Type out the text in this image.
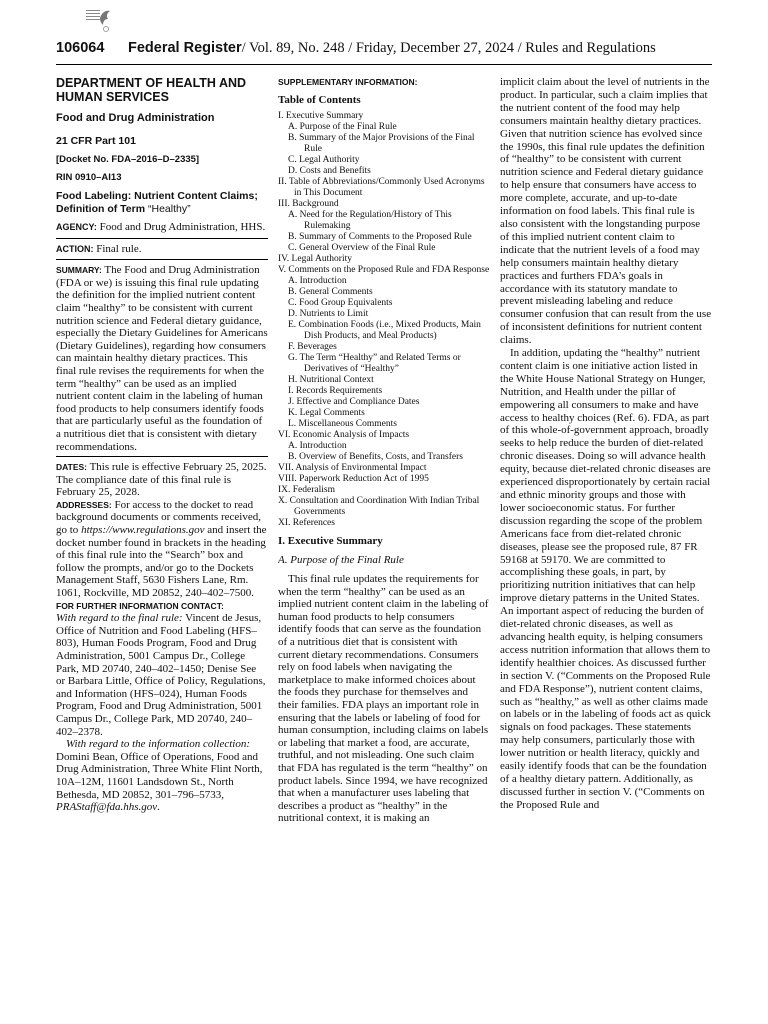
106064 Federal Register/ Vol. 89, No. 248 / Friday, December 27, 2024 / Rules and Regulations

DEPARTMENT OF HEALTH AND HUMAN SERVICES

Food and Drug Administration

21 CFR Part 101

[Docket No. FDA–2016–D–2335]

RIN 0910–AI13

Food Labeling: Nutrient Content Claims; Definition of Term “Healthy”

AGENCY: Food and Drug Administration, HHS.

ACTION: Final rule.

SUMMARY: The Food and Drug Administration (FDA or we) is issuing this final rule updating the definition for the implied nutrient content claim “healthy” to be consistent with current nutrition science and Federal dietary guidance, especially the Dietary Guidelines for Americans (Dietary Guidelines), regarding how consumers can maintain healthy dietary practices. This final rule revises the requirements for when the term “healthy” can be used as an implied nutrient content claim in the labeling of human food products to help consumers identify foods that are particularly useful as the foundation of a nutritious diet that is consistent with dietary recommendations.

DATES: This rule is effective February 25, 2025. The compliance date of this final rule is February 25, 2028.

ADDRESSES: For access to the docket to read background documents or comments received, go to https://www.regulations.gov and insert the docket number found in brackets in the heading of this final rule into the “Search” box and follow the prompts, and/or go to the Dockets Management Staff, 5630 Fishers Lane, Rm. 1061, Rockville, MD 20852, 240–402–7500.

FOR FURTHER INFORMATION CONTACT:

With regard to the final rule: Vincent de Jesus, Office of Nutrition and Food Labeling (HFS–803), Human Foods Program, Food and Drug Administration, 5001 Campus Dr., College Park, MD 20740, 240–402–1450; Denise See or Barbara Little, Office of Policy, Regulations, and Information (HFS–024), Human Foods Program, Food and Drug Administration, 5001 Campus Dr., College Park, MD 20740, 240–402–2378.

With regard to the information collection: Domini Bean, Office of Operations, Food and Drug Administration, Three White Flint North, 10A–12M, 11601 Landsdown St., North Bethesda, MD 20852, 301–796–5733, PRAStaff@fda.hhs.gov.

SUPPLEMENTARY INFORMATION:

Table of Contents

I. Executive Summary
A. Purpose of the Final Rule
B. Summary of the Major Provisions of the Final Rule
C. Legal Authority
D. Costs and Benefits
II. Table of Abbreviations/Commonly Used Acronyms in This Document
III. Background
A. Need for the Regulation/History of This Rulemaking
B. Summary of Comments to the Proposed Rule
C. General Overview of the Final Rule
IV. Legal Authority
V. Comments on the Proposed Rule and FDA Response
A. Introduction
B. General Comments
C. Food Group Equivalents
D. Nutrients to Limit
E. Combination Foods (i.e., Mixed Products, Main Dish Products, and Meal Products)
F. Beverages
G. The Term “Healthy” and Related Terms or Derivatives of “Healthy”
H. Nutritional Context
I. Records Requirements
J. Effective and Compliance Dates
K. Legal Comments
L. Miscellaneous Comments
VI. Economic Analysis of Impacts
A. Introduction
B. Overview of Benefits, Costs, and Transfers
VII. Analysis of Environmental Impact
VIII. Paperwork Reduction Act of 1995
IX. Federalism
X. Consultation and Coordination With Indian Tribal Governments
XI. References

I. Executive Summary

A. Purpose of the Final Rule

This final rule updates the requirements for when the term “healthy” can be used as an implied nutrient content claim in the labeling of human food products to help consumers identify foods that can serve as the foundation of a nutritious diet that is consistent with current dietary recommendations. Consumers rely on food labels when navigating the marketplace to make informed choices about the foods they purchase for themselves and their families. FDA plays an important role in ensuring that the labels or labeling of food for human consumption, including claims on labels or labeling that market a food, are accurate, truthful, and not misleading. One such claim that FDA has regulated is the term “healthy” on product labels. Since 1994, we have recognized that when a manufacturer uses labeling that describes a product as “healthy” in the nutritional context, it is making an

implicit claim about the level of nutrients in the product. In particular, such a claim implies that the nutrient content of the food may help consumers maintain healthy dietary practices. Given that nutrition science has evolved since the 1990s, this final rule updates the definition of “healthy” to be consistent with current nutrition science and Federal dietary guidance to help ensure that consumers have access to more complete, accurate, and up-to-date information on food labels. This final rule is also consistent with the longstanding purpose of this implied nutrient content claim to indicate that the nutrient levels of a food may help consumers maintain healthy dietary practices and furthers FDA’s goals in accordance with its statutory mandate to prevent misleading labeling and reduce consumer confusion that can result from the use of inconsistent definitions for nutrient content claims.

In addition, updating the “healthy” nutrient content claim is one initiative action listed in the White House National Strategy on Hunger, Nutrition, and Health under the pillar of empowering all consumers to make and have access to healthy choices (Ref. 6). FDA, as part of this whole-of-government approach, broadly seeks to help reduce the burden of diet-related chronic diseases. Doing so will advance health equity, because diet-related chronic diseases are experienced disproportionately by certain racial and ethnic minority groups and those with lower socioeconomic status. For further discussion regarding the scope of the problem Americans face from diet-related chronic diseases, please see the proposed rule, 87 FR 59168 at 59170. We are committed to accomplishing these goals, in part, by prioritizing nutrition initiatives that can help improve dietary patterns in the United States. An important aspect of reducing the burden of diet-related chronic diseases, as well as advancing health equity, is helping consumers access nutrition information that allows them to identify healthier choices. As discussed further in section V. (“Comments on the Proposed Rule and FDA Response”), nutrient content claims, such as “healthy,” as well as other claims made on labels or in the labeling of foods act as quick signals on food packages. These statements may help consumers, particularly those with lower nutrition or health literacy, quickly and easily identify foods that can be the foundation of a healthy dietary pattern. Additionally, as discussed further in section V. (“Comments on the Proposed Rule and
